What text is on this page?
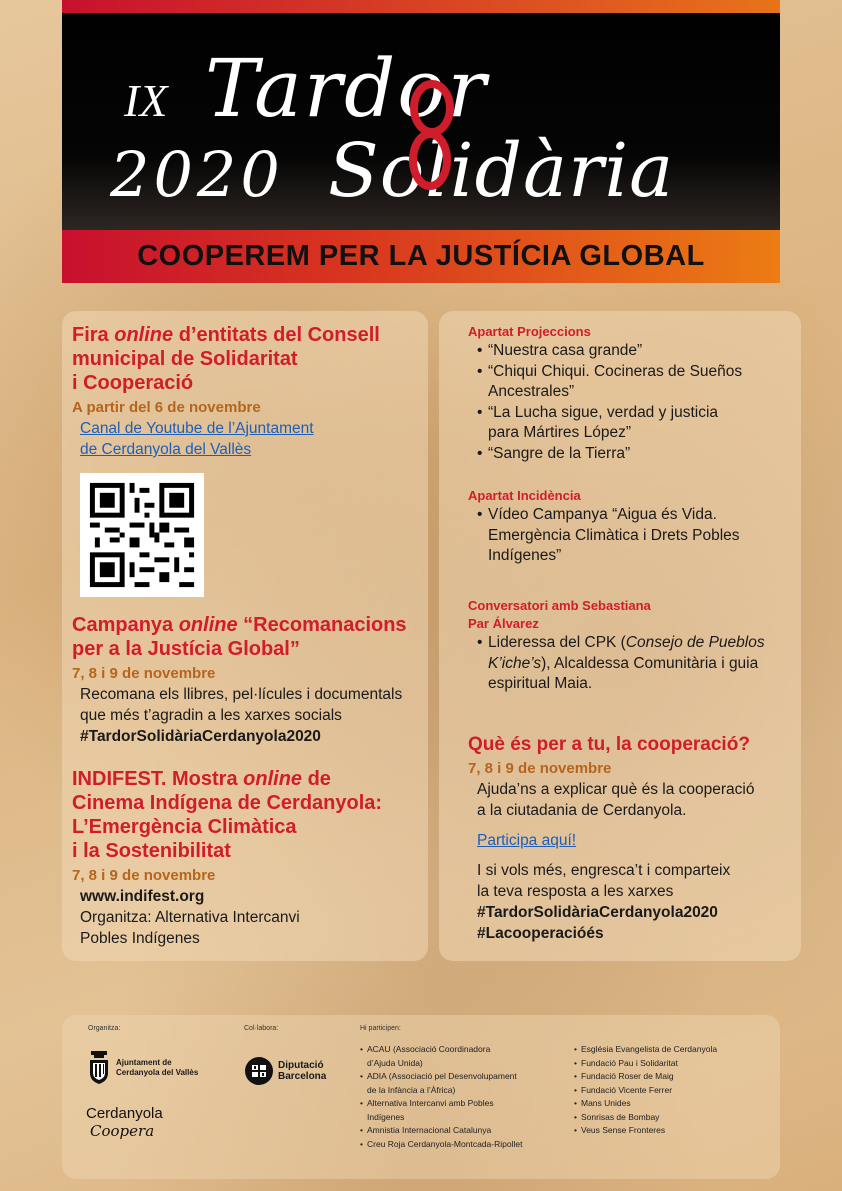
IX Tardor
2020 Solidària
COOPEREM PER LA JUSTÍCIA GLOBAL
Fira online d’entitats del Consell
municipal de Solidaritat
i Cooperació
A partir del 6 de novembre
Canal de Youtube de l’Ajuntament
de Cerdanyola del Vallès
Campanya online “Recomanacions
per a la Justícia Global”
7, 8 i 9 de novembre
Recomana els llibres, pel·lícules i documentals
que més t’agradin a les xarxes socials
#TardorSolidàriaCerdanyola2020
INDIFEST. Mostra online de
Cinema Indígena de Cerdanyola:
L’Emergència Climàtica
i la Sostenibilitat
7, 8 i 9 de novembre
www.indifest.org
Organitza: Alternativa Intercanvi
Pobles Indígenes
Apartat Projeccions
• “Nuestra casa grande”
• “Chiqui Chiqui. Cocineras de Sueños
Ancestrales”
• “La Lucha sigue, verdad y justicia
para Mártires López”
• “Sangre de la Tierra”
Apartat Incidència
• Vídeo Campanya “Aigua és Vida.
Emergència Climàtica i Drets Pobles
Indígenes”
Conversatori amb Sebastiana
Par Álvarez
• Lideressa del CPK (Consejo de Pueblos
K’iche’s), Alcaldessa Comunitària i guia
espiritual Maia.
Què és per a tu, la cooperació?
7, 8 i 9 de novembre
Ajuda’ns a explicar què és la cooperació
a la ciutadania de Cerdanyola.
Participa aquí!
I si vols més, engresca’t i comparteix
la teva resposta a les xarxes
#TardorSolidàriaCerdanyola2020
#Lacooperacióés
Organitza:	Col·labora:	Hi participen:
Ajuntament de
Cerdanyola del Vallès
Cerdanyola
Coopera
Diputació
Barcelona
• ACAU (Associació Coordinadora
d’Ajuda Unida)
• ADIA (Associació pel Desenvolupament
de la Infància a l’Àfrica)
• Alternativa Intercanvi amb Pobles
Indígenes
• Amnistia Internacional Catalunya
• Creu Roja Cerdanyola-Montcada-Ripollet
• Església Evangelista de Cerdanyola
• Fundació Pau i Solidaritat
• Fundació Roser de Maig
• Fundació Vicente Ferrer
• Mans Unides
• Sonrisas de Bombay
• Veus Sense Fronteres
